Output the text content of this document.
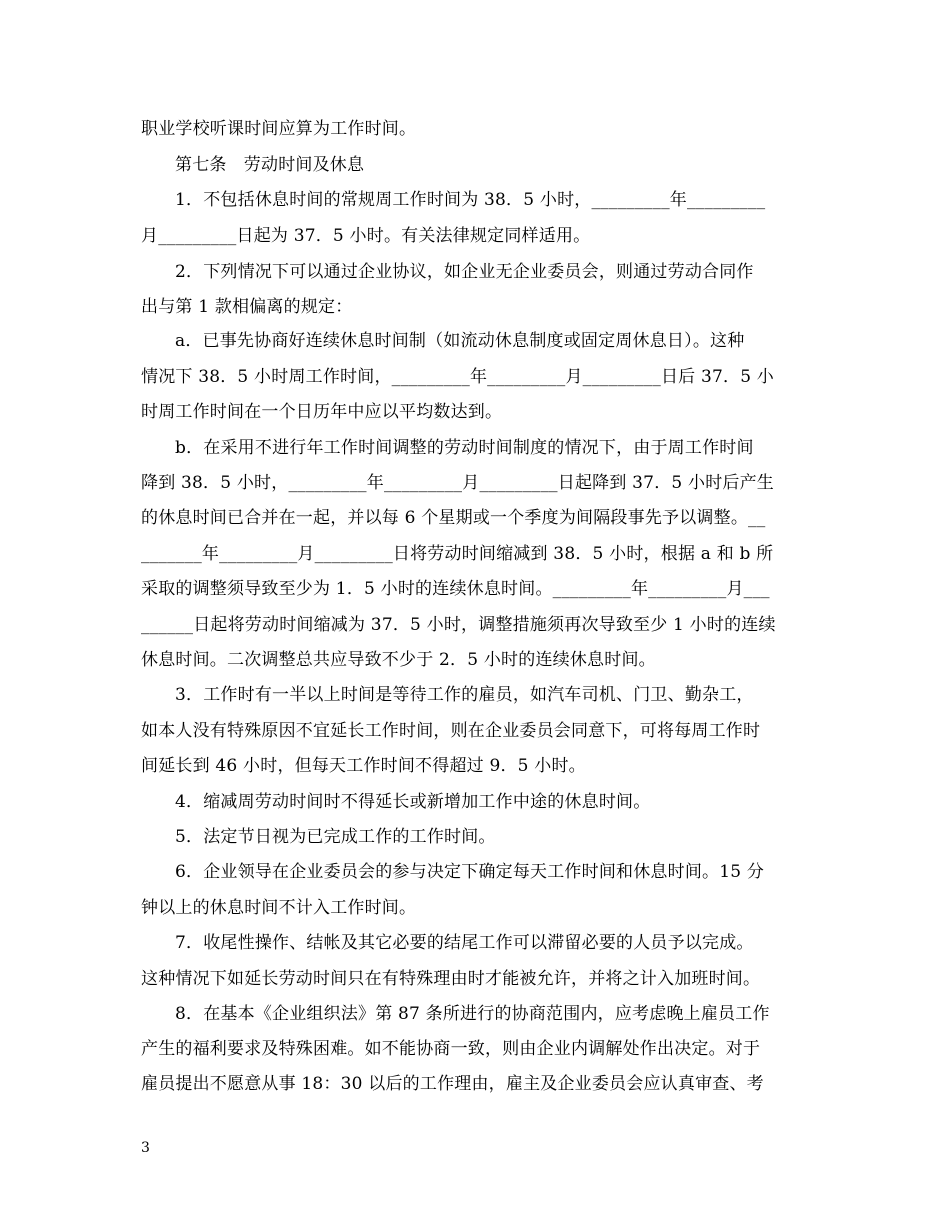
职业学校听课时间应算为工作时间。
第七条　劳动时间及休息
1．不包括休息时间的常规周工作时间为 38．5 小时，_________年_________
月_________日起为 37．5 小时。有关法律规定同样适用。
2．下列情况下可以通过企业协议，如企业无企业委员会，则通过劳动合同作
出与第 1 款相偏离的规定：
a．已事先协商好连续休息时间制（如流动休息制度或固定周休息日）。这种
情况下 38．5 小时周工作时间，_________年_________月_________日后 37．5 小
时周工作时间在一个日历年中应以平均数达到。
b．在采用不进行年工作时间调整的劳动时间制度的情况下，由于周工作时间
降到 38．5 小时，_________年_________月_________日起降到 37．5 小时后产生
的休息时间已合并在一起，并以每 6 个星期或一个季度为间隔段事先予以调整。__
_______年_________月_________日将劳动时间缩减到 38．5 小时，根据 a 和 b 所
采取的调整须导致至少为 1．5 小时的连续休息时间。_________年_________月___
______日起将劳动时间缩减为 37．5 小时，调整措施须再次导致至少 1 小时的连续
休息时间。二次调整总共应导致不少于 2．5 小时的连续休息时间。
3．工作时有一半以上时间是等待工作的雇员，如汽车司机、门卫、勤杂工，
如本人没有特殊原因不宜延长工作时间，则在企业委员会同意下，可将每周工作时
间延长到 46 小时，但每天工作时间不得超过 9．5 小时。
4．缩减周劳动时间时不得延长或新增加工作中途的休息时间。
5．法定节日视为已完成工作的工作时间。
6．企业领导在企业委员会的参与决定下确定每天工作时间和休息时间。15 分
钟以上的休息时间不计入工作时间。
7．收尾性操作、结帐及其它必要的结尾工作可以滞留必要的人员予以完成。
这种情况下如延长劳动时间只在有特殊理由时才能被允许，并将之计入加班时间。
8．在基本《企业组织法》第 87 条所进行的协商范围内，应考虑晚上雇员工作
产生的福利要求及特殊困难。如不能协商一致，则由企业内调解处作出决定。对于
雇员提出不愿意从事 18：30 以后的工作理由，雇主及企业委员会应认真审查、考
3
